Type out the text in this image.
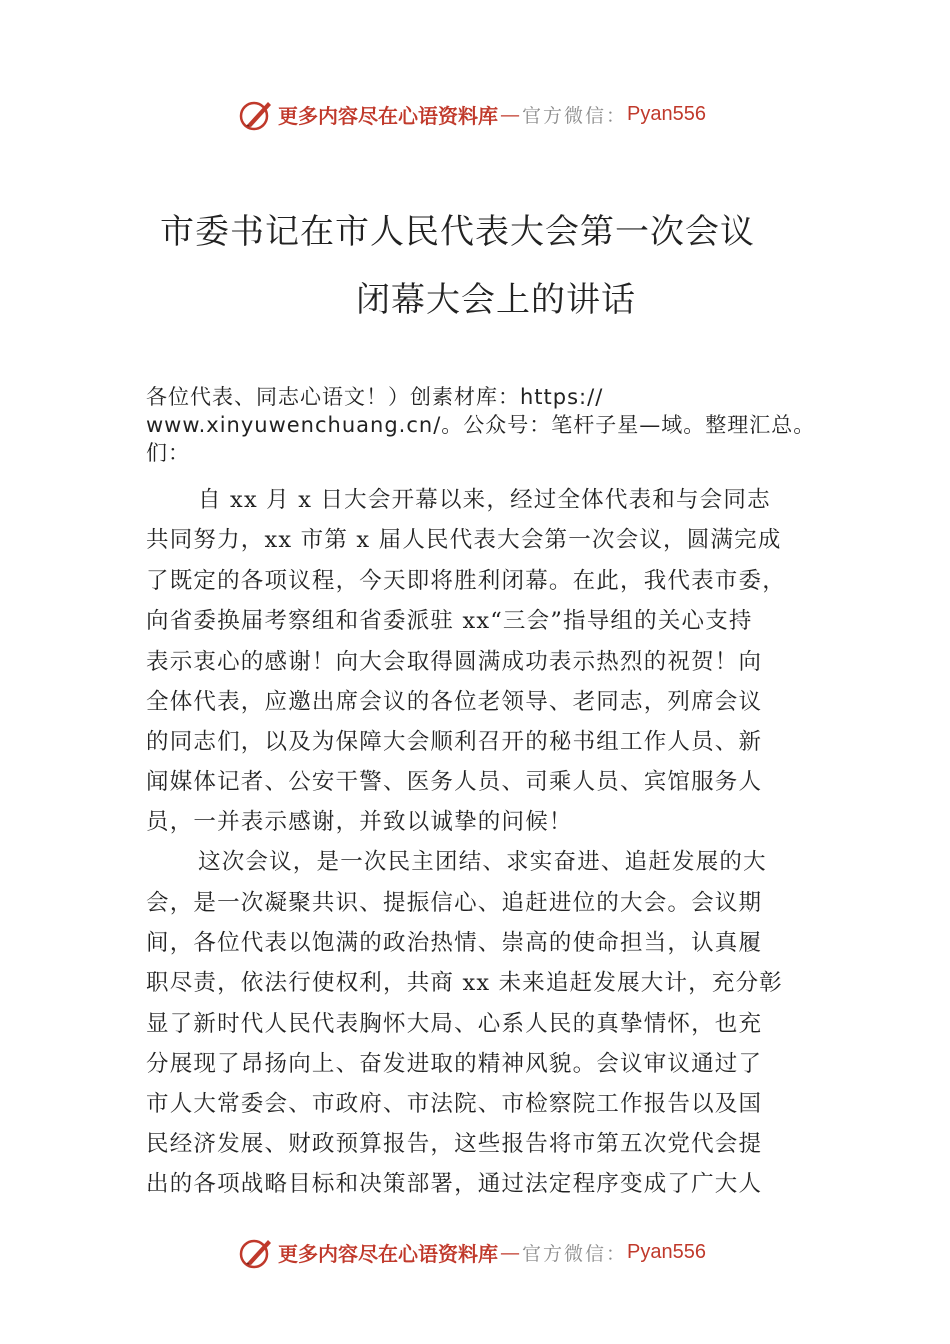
更多内容尽在心语资料库 — 官方微信： Pyan556
市委书记在市人民代表大会第一次会议
闭幕大会上的讲话
各位代表、同志心语文！）创素材库：https://
www.xinyuwenchuang.cn/。公众号：笔杆子星—域。整理汇总。
们：
自 xx 月 x 日大会开幕以来，经过全体代表和与会同志
共同努力，xx 市第 x 届人民代表大会第一次会议，圆满完成
了既定的各项议程，今天即将胜利闭幕。在此，我代表市委，
向省委换届考察组和省委派驻 xx“三会”指导组的关心支持
表示衷心的感谢！向大会取得圆满成功表示热烈的祝贺！向
全体代表，应邀出席会议的各位老领导、老同志，列席会议
的同志们，以及为保障大会顺利召开的秘书组工作人员、新
闻媒体记者、公安干警、医务人员、司乘人员、宾馆服务人
员，一并表示感谢，并致以诚挚的问候！
这次会议，是一次民主团结、求实奋进、追赶发展的大
会，是一次凝聚共识、提振信心、追赶进位的大会。会议期
间，各位代表以饱满的政治热情、崇高的使命担当，认真履
职尽责，依法行使权利，共商 xx 未来追赶发展大计，充分彰
显了新时代人民代表胸怀大局、心系人民的真挚情怀，也充
分展现了昂扬向上、奋发进取的精神风貌。会议审议通过了
市人大常委会、市政府、市法院、市检察院工作报告以及国
民经济发展、财政预算报告，这些报告将市第五次党代会提
出的各项战略目标和决策部署，通过法定程序变成了广大人
更多内容尽在心语资料库 — 官方微信： Pyan556
